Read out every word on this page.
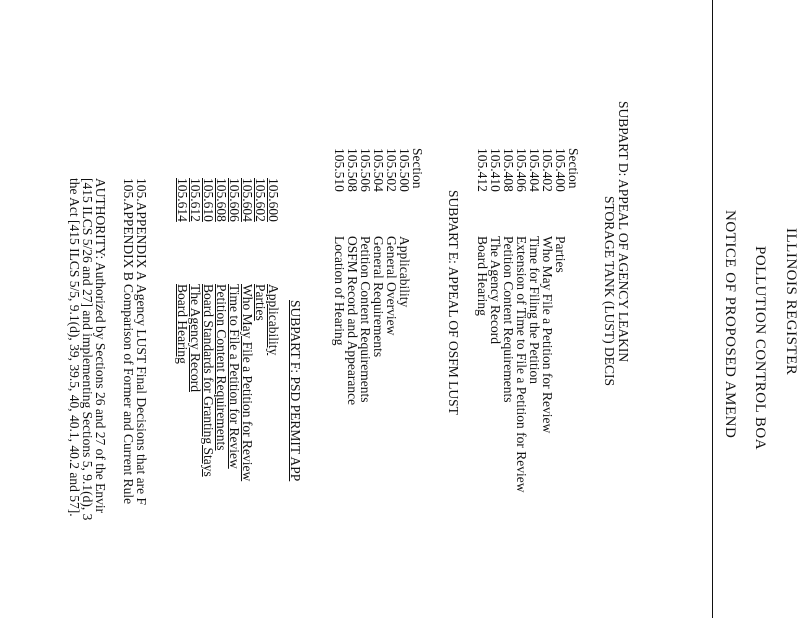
ILLINOIS REGISTER
POLLUTION CONTROL BOA
NOTICE OF PROPOSED AMEND
SUBPART D: APPEAL OF AGENCY LEAKIN
STORAGE TANK (LUST) DECIS
Section
105.400
Parties
105.402
Who May File a Petition for Review
105.404
Time for Filing the Petition
105.406
Extension of Time to File a Petition for Review
105.408
Petition Content Requirements
105.410
The Agency Record
105.412
Board Hearing
SUBPART E: APPEAL OF OSFM LUST
Section
105.500
Applicability
105.502
General Overview
105.504
General Requirements
105.506
Petition Content Requirements
105.508
OSFM Record and Appearance
105.510
Location of Hearing
SUBPART F: PSD PERMIT APP
105.600
Applicability
105.602
Parties
105.604
Who May File a Petition for Review
105.606
Time to File a Petition for Review
105.608
Petition Content Requirements
105.610
Board Standards for Granting Stays
105.612
The Agency Record
105.614
Board Hearing
105.APPENDIX A
Agency LUST Final Decisions that are F
105.APPENDIX B
Comparison of Former and Current Rule
AUTHORITY: Authorized by Sections 26 and 27 of the Envir
[415 ILCS 5/26 and 27] and implementing Sections 5, 9.1(d), 3
the Act [415 ILCS 5/5, 9.1(d), 39, 39.5, 40, 40.1, 40.2 and 57].
